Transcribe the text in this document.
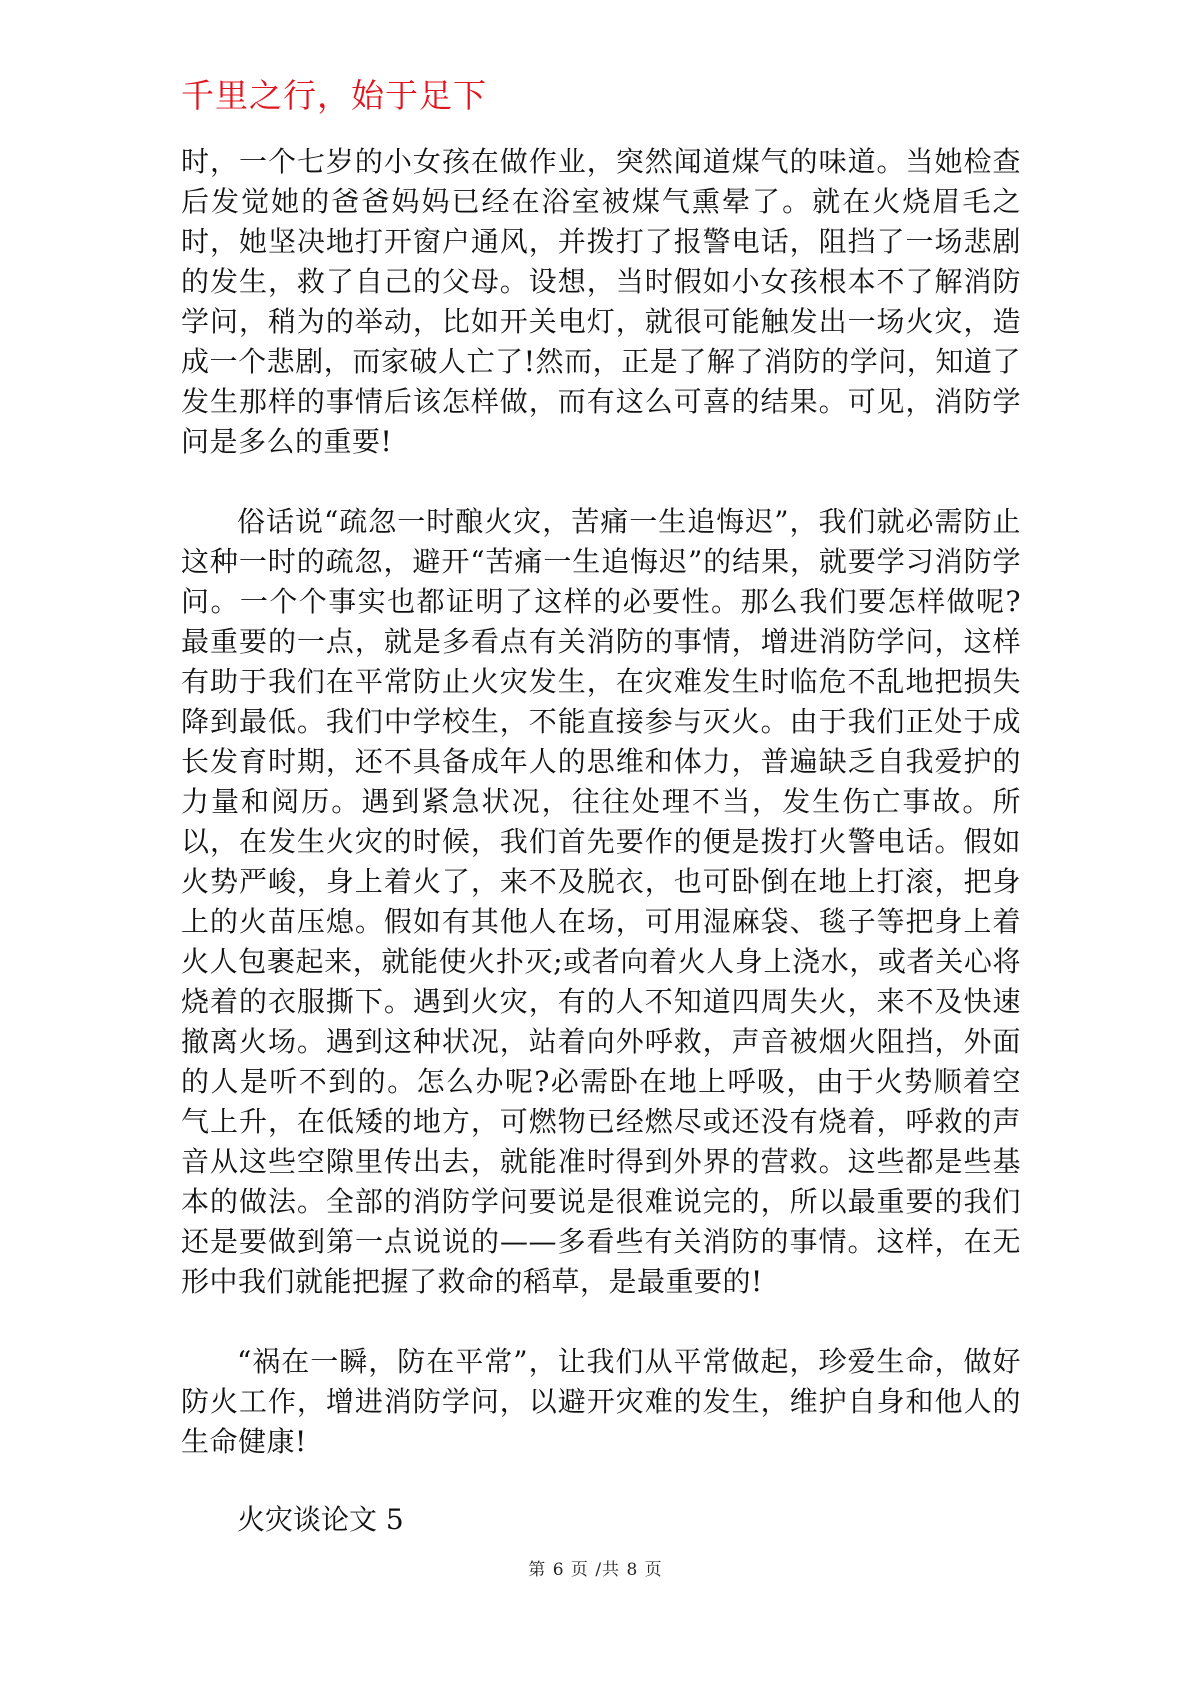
千里之行，始于足下

时，一个七岁的小女孩在做作业，突然闻道煤气的味道。当她检查后发觉她的爸爸妈妈已经在浴室被煤气熏晕了。就在火烧眉毛之时，她坚决地打开窗户通风，并拨打了报警电话，阻挡了一场悲剧的发生，救了自己的父母。设想，当时假如小女孩根本不了解消防学问，稍为的举动，比如开关电灯，就很可能触发出一场火灾，造成一个悲剧，而家破人亡了!然而，正是了解了消防的学问，知道了发生那样的事情后该怎样做，而有这么可喜的结果。可见，消防学问是多么的重要!

俗话说“疏忽一时酿火灾，苦痛一生追悔迟”，我们就必需防止这种一时的疏忽，避开“苦痛一生追悔迟”的结果，就要学习消防学问。一个个事实也都证明了这样的必要性。那么我们要怎样做呢?最重要的一点，就是多看点有关消防的事情，增进消防学问，这样有助于我们在平常防止火灾发生，在灾难发生时临危不乱地把损失降到最低。我们中学校生，不能直接参与灭火。由于我们正处于成长发育时期，还不具备成年人的思维和体力，普遍缺乏自我爱护的力量和阅历。遇到紧急状况，往往处理不当，发生伤亡事故。所以，在发生火灾的时候，我们首先要作的便是拨打火警电话。假如火势严峻，身上着火了，来不及脱衣，也可卧倒在地上打滚，把身上的火苗压熄。假如有其他人在场，可用湿麻袋、毯子等把身上着火人包裹起来，就能使火扑灭;或者向着火人身上浇水，或者关心将烧着的衣服撕下。遇到火灾，有的人不知道四周失火，来不及快速撤离火场。遇到这种状况，站着向外呼救，声音被烟火阻挡，外面的人是听不到的。怎么办呢?必需卧在地上呼吸，由于火势顺着空气上升，在低矮的地方，可燃物已经燃尽或还没有烧着，呼救的声音从这些空隙里传出去，就能准时得到外界的营救。这些都是些基本的做法。全部的消防学问要说是很难说完的，所以最重要的我们还是要做到第一点说说的——多看些有关消防的事情。这样，在无形中我们就能把握了救命的稻草，是最重要的!

“祸在一瞬，防在平常”，让我们从平常做起，珍爱生命，做好防火工作，增进消防学问，以避开灾难的发生，维护自身和他人的生命健康!

火灾谈论文 5

第 6 页 /共 8 页
